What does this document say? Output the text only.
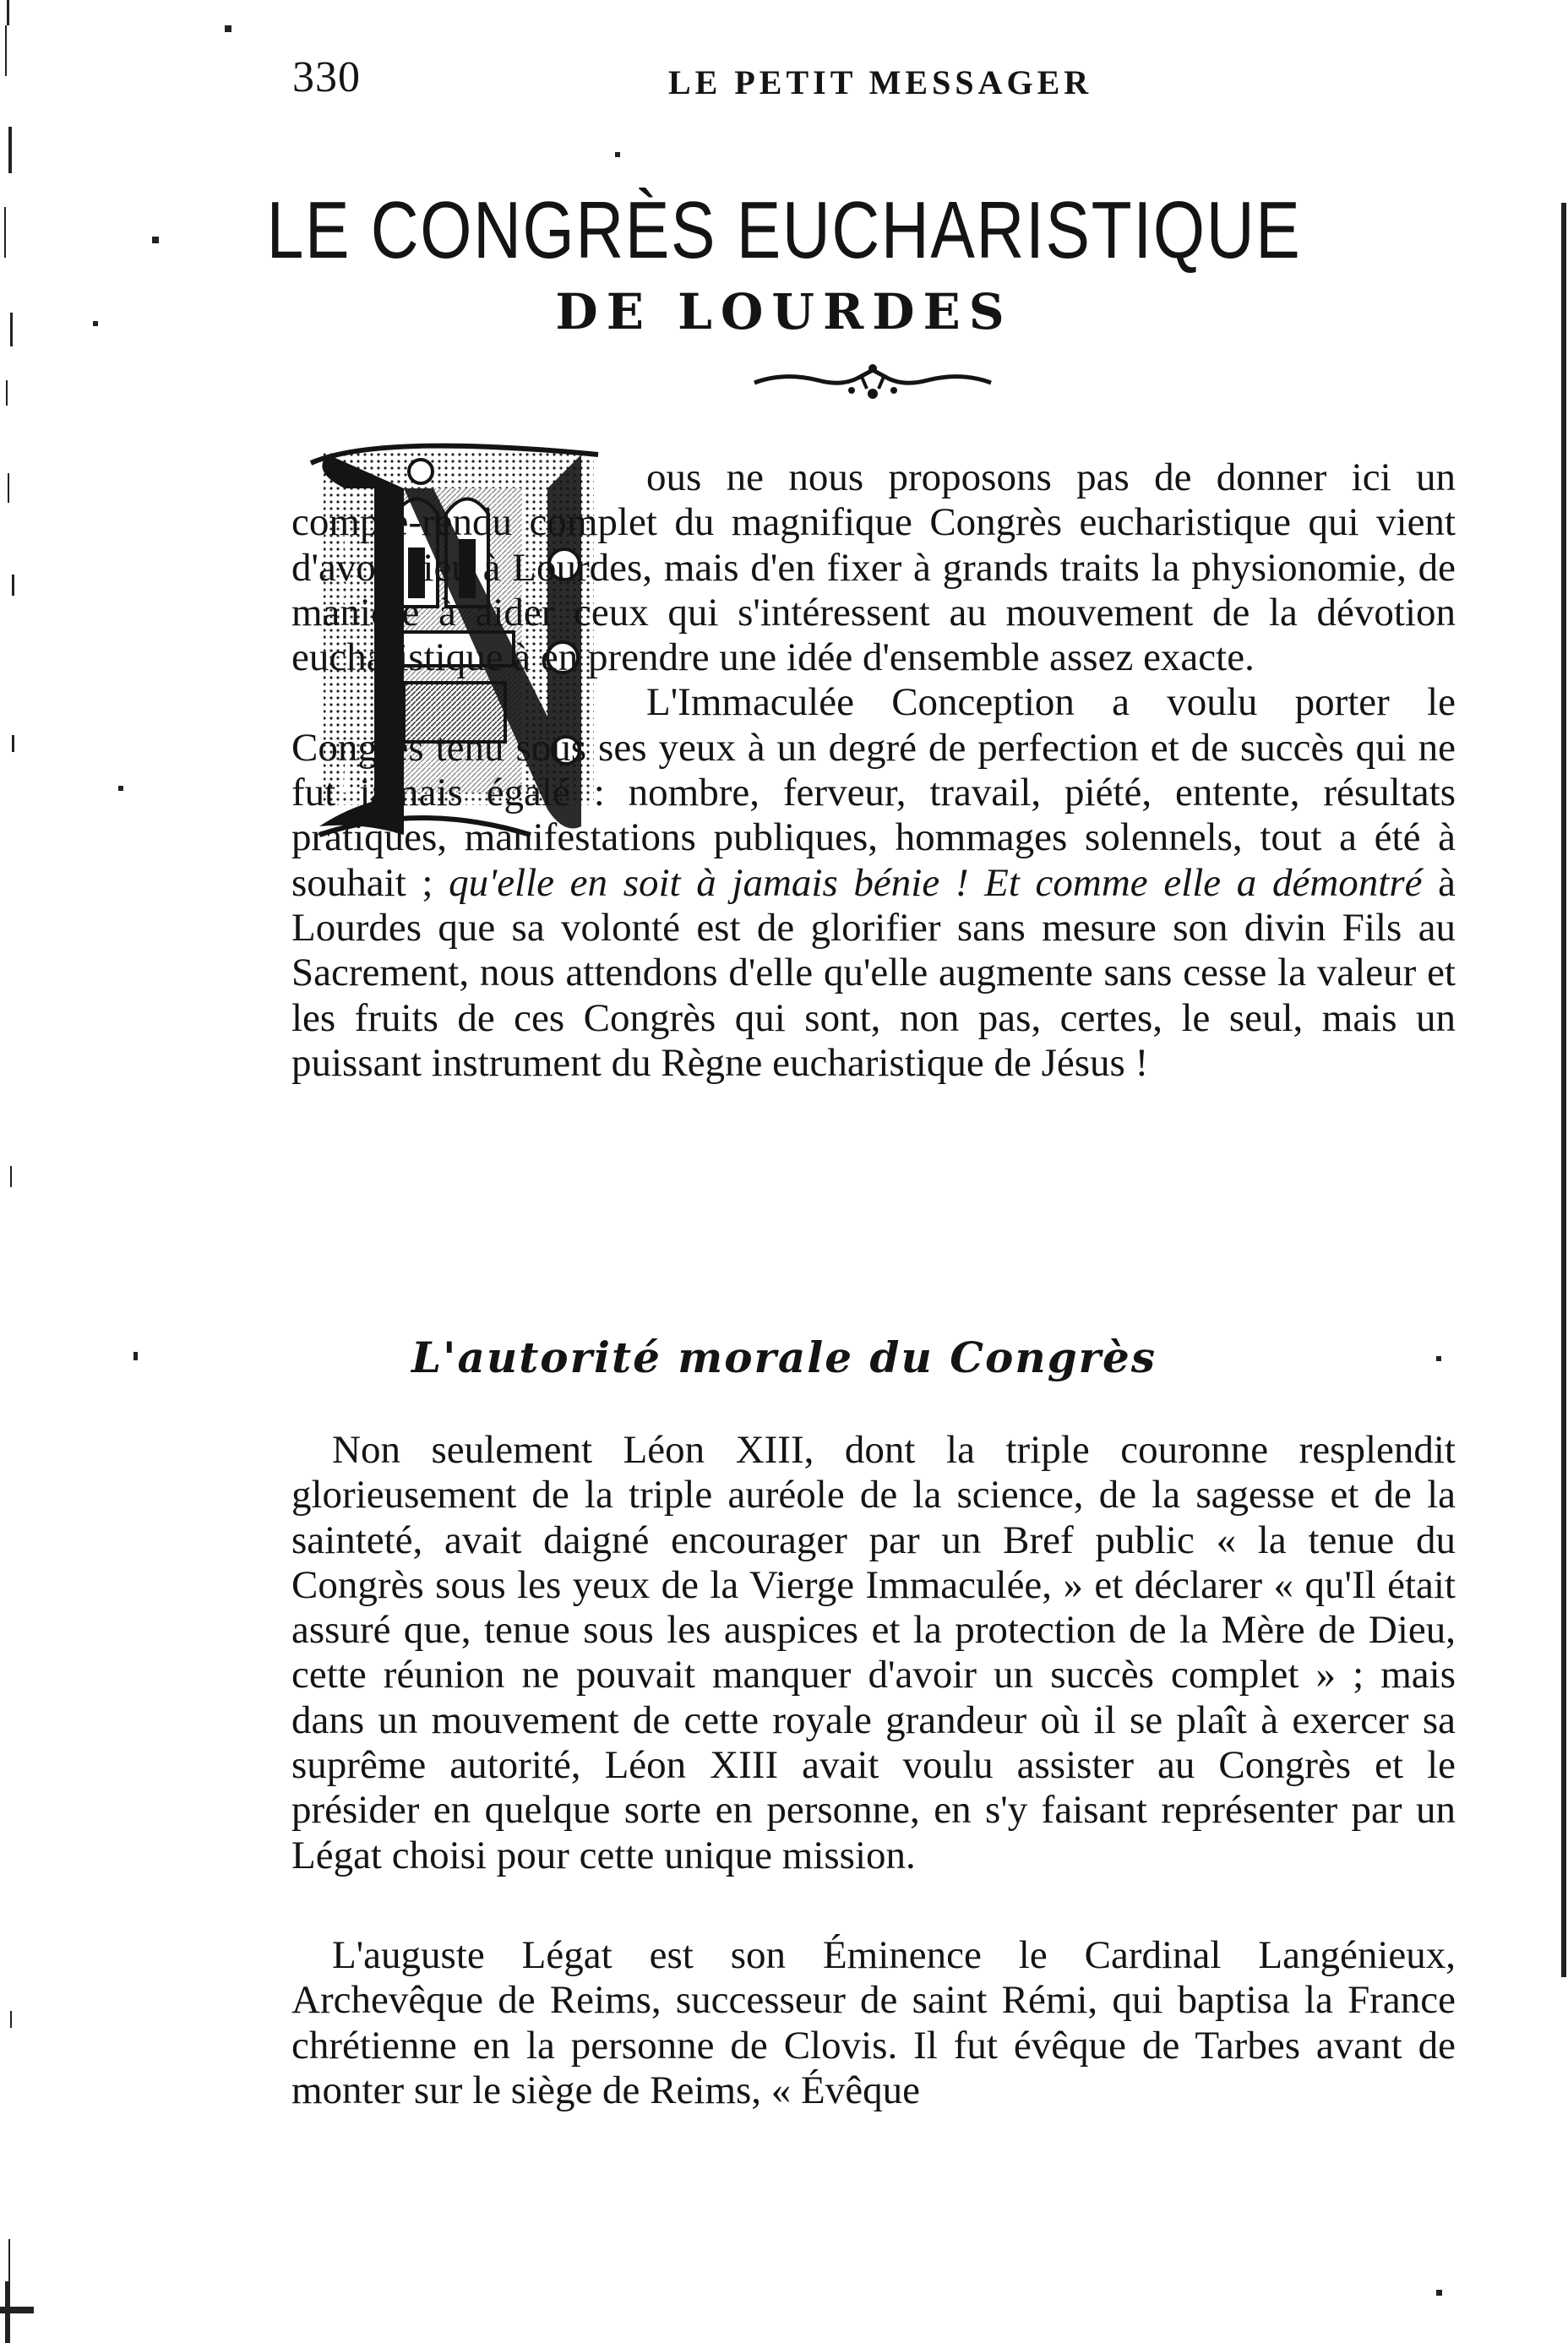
330	LE PETIT MESSAGER
LE CONGRÈS EUCHARISTIQUE
DE LOURDES

ous ne nous proposons pas de donner ici un compte-rendu complet du magnifique Congrès eucharistique qui vient d'avoir lieu à Lourdes, mais d'en fixer à grands traits la physionomie, de manière à aider ceux qui s'intéressent au mouvement de la dévotion eucharistique à en prendre une idée d'ensemble assez exacte.
L'Immaculée Conception a voulu porter le Congrès tenu sous ses yeux à un degré de perfection et de succès qui ne fut jamais égalé : nombre, ferveur, travail, piété, entente, résultats pratiques, manifestations publiques, hommages solennels, tout a été à souhait ; qu'elle en soit à jamais bénie ! Et comme elle a démontré à Lourdes que sa volonté est de glorifier sans mesure son divin Fils au Sacrement, nous attendons d'elle qu'elle augmente sans cesse la valeur et les fruits de ces Congrès qui sont, non pas, certes, le seul, mais un puissant instrument du Règne eucharistique de Jésus !

L'autorité morale du Congrès

Non seulement Léon XIII, dont la triple couronne resplendit glorieusement de la triple auréole de la science, de la sagesse et de la sainteté, avait daigné encourager par un Bref public « la tenue du Congrès sous les yeux de la Vierge Immaculée, » et déclarer « qu'Il était assuré que, tenue sous les auspices et la protection de la Mère de Dieu, cette réunion ne pouvait manquer d'avoir un succès complet » ; mais dans un mouvement de cette royale grandeur où il se plaît à exercer sa suprême autorité, Léon XIII avait voulu assister au Congrès et le présider en quelque sorte en personne, en s'y faisant représenter par un Légat choisi pour cette unique mission.

L'auguste Légat est son Éminence le Cardinal Langénieux, Archevêque de Reims, successeur de saint Rémi, qui baptisa la France chrétienne en la personne de Clovis. Il fut évêque de Tarbes avant de monter sur le siège de Reims, « Évêque
